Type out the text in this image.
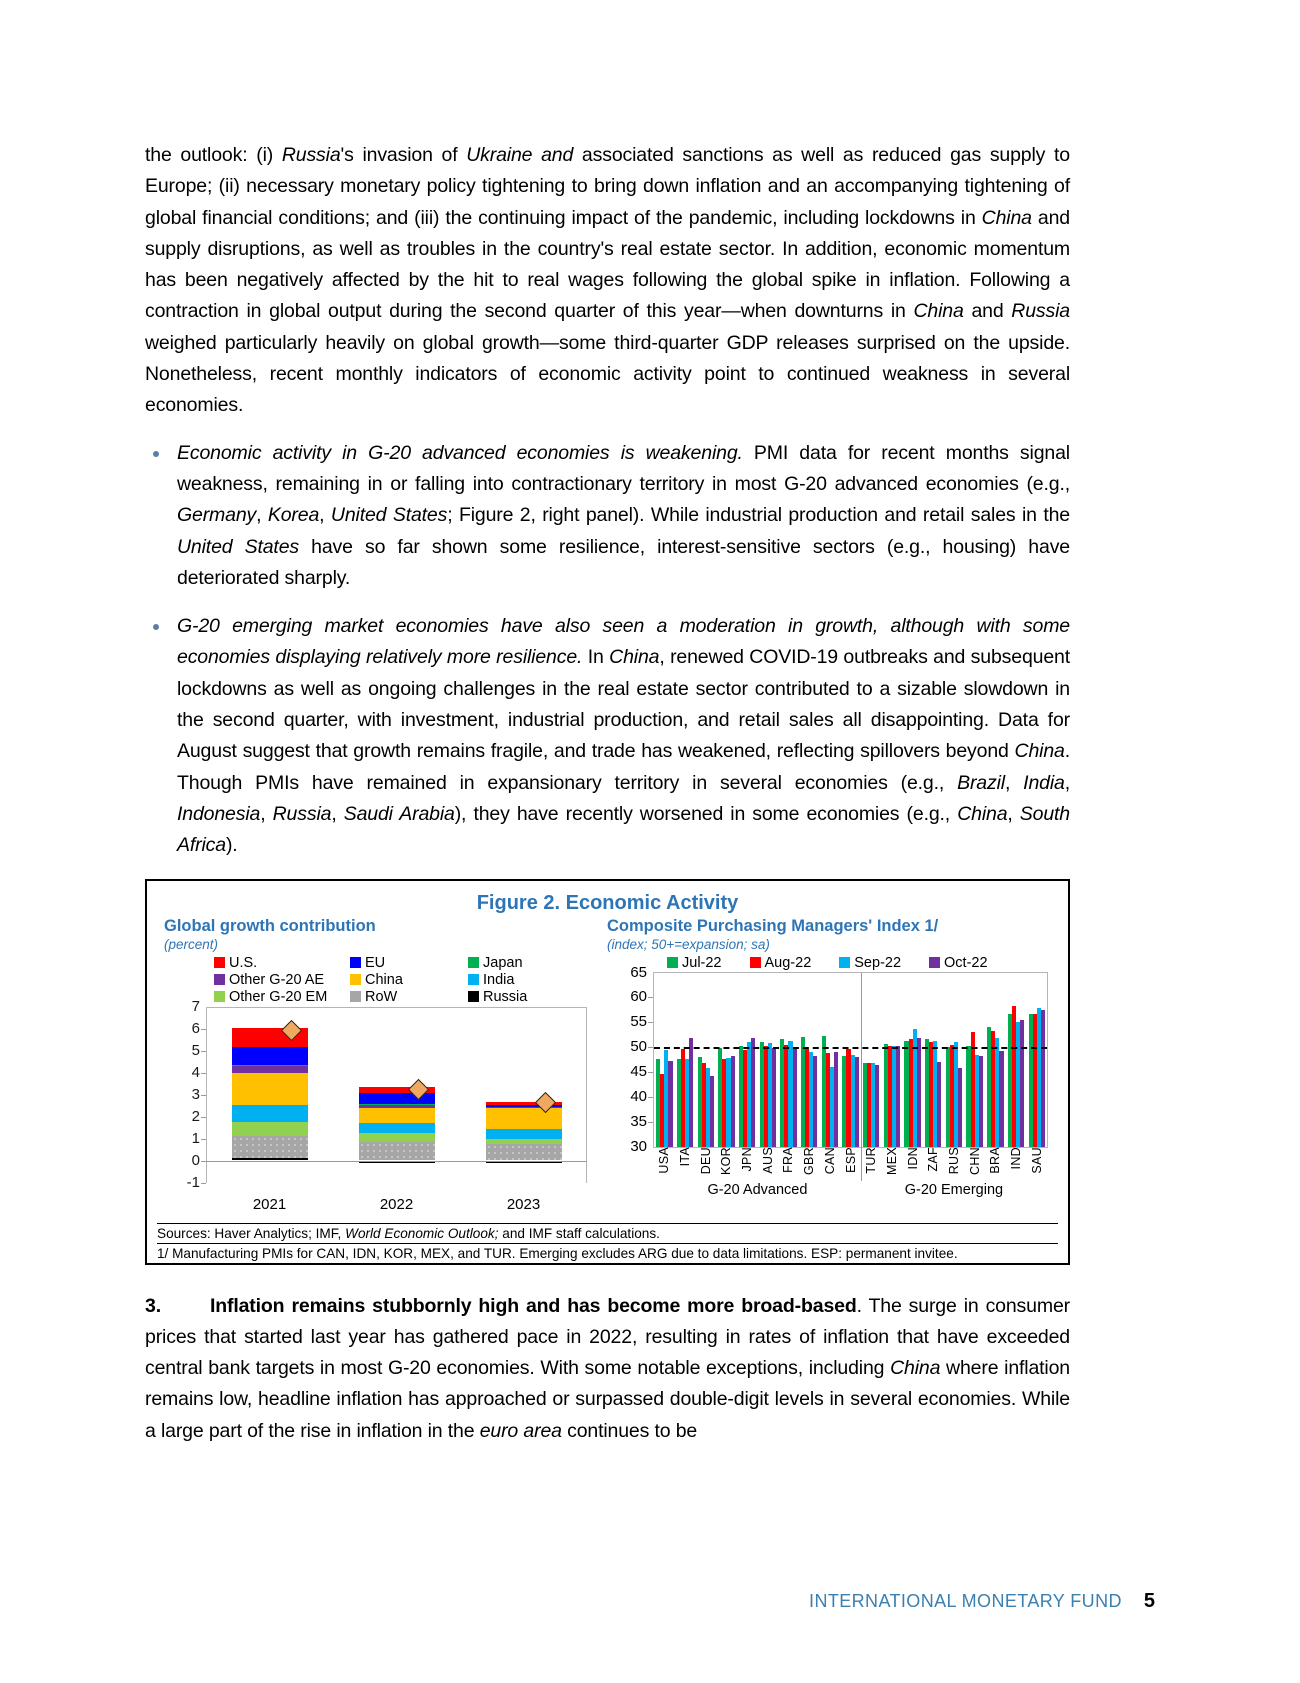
the outlook: (i) Russia's invasion of Ukraine and associated sanctions as well as reduced gas supply to Europe; (ii) necessary monetary policy tightening to bring down inflation and an accompanying tightening of global financial conditions; and (iii) the continuing impact of the pandemic, including lockdowns in China and supply disruptions, as well as troubles in the country's real estate sector. In addition, economic momentum has been negatively affected by the hit to real wages following the global spike in inflation. Following a contraction in global output during the second quarter of this year—when downturns in China and Russia weighed particularly heavily on global growth—some third-quarter GDP releases surprised on the upside. Nonetheless, recent monthly indicators of economic activity point to continued weakness in several economies.

Economic activity in G-20 advanced economies is weakening. PMI data for recent months signal weakness, remaining in or falling into contractionary territory in most G-20 advanced economies (e.g., Germany, Korea, United States; Figure 2, right panel). While industrial production and retail sales in the United States have so far shown some resilience, interest-sensitive sectors (e.g., housing) have deteriorated sharply.
G-20 emerging market economies have also seen a moderation in growth, although with some economies displaying relatively more resilience. In China, renewed COVID-19 outbreaks and subsequent lockdowns as well as ongoing challenges in the real estate sector contributed to a sizable slowdown in the second quarter, with investment, industrial production, and retail sales all disappointing. Data for August suggest that growth remains fragile, and trade has weakened, reflecting spillovers beyond China. Though PMIs have remained in expansionary territory in several economies (e.g., Brazil, India, Indonesia, Russia, Saudi Arabia), they have recently worsened in some economies (e.g., China, South Africa).
Figure 2. Economic Activity
Global growth contribution
(percent)
U.S.	EU	Japan
Other G-20 AE	China	India
Other G-20 EM	RoW	Russia
7
6
5
4
3
2
1
0
-1
2021	2022	2023
Composite Purchasing Managers' Index 1/
(index; 50+=expansion; sa)
Jul-22	Aug-22	Sep-22	Oct-22
65
60
55
50
45
40
35
30
USA ITA DEU KOR JPN AUS FRA GBR CAN ESP TUR MEX IDN ZAF RUS CHN BRA IND SAU
G-20 Advanced	G-20 Emerging
Sources: Haver Analytics; IMF, World Economic Outlook; and IMF staff calculations.
1/ Manufacturing PMIs for CAN, IDN, KOR, MEX, and TUR. Emerging excludes ARG due to data limitations. ESP: permanent invitee.

3.	Inflation remains stubbornly high and has become more broad-based. The surge in consumer prices that started last year has gathered pace in 2022, resulting in rates of inflation that have exceeded central bank targets in most G-20 economies. With some notable exceptions, including China where inflation remains low, headline inflation has approached or surpassed double-digit levels in several economies. While a large part of the rise in inflation in the euro area continues to be

INTERNATIONAL MONETARY FUND 5
